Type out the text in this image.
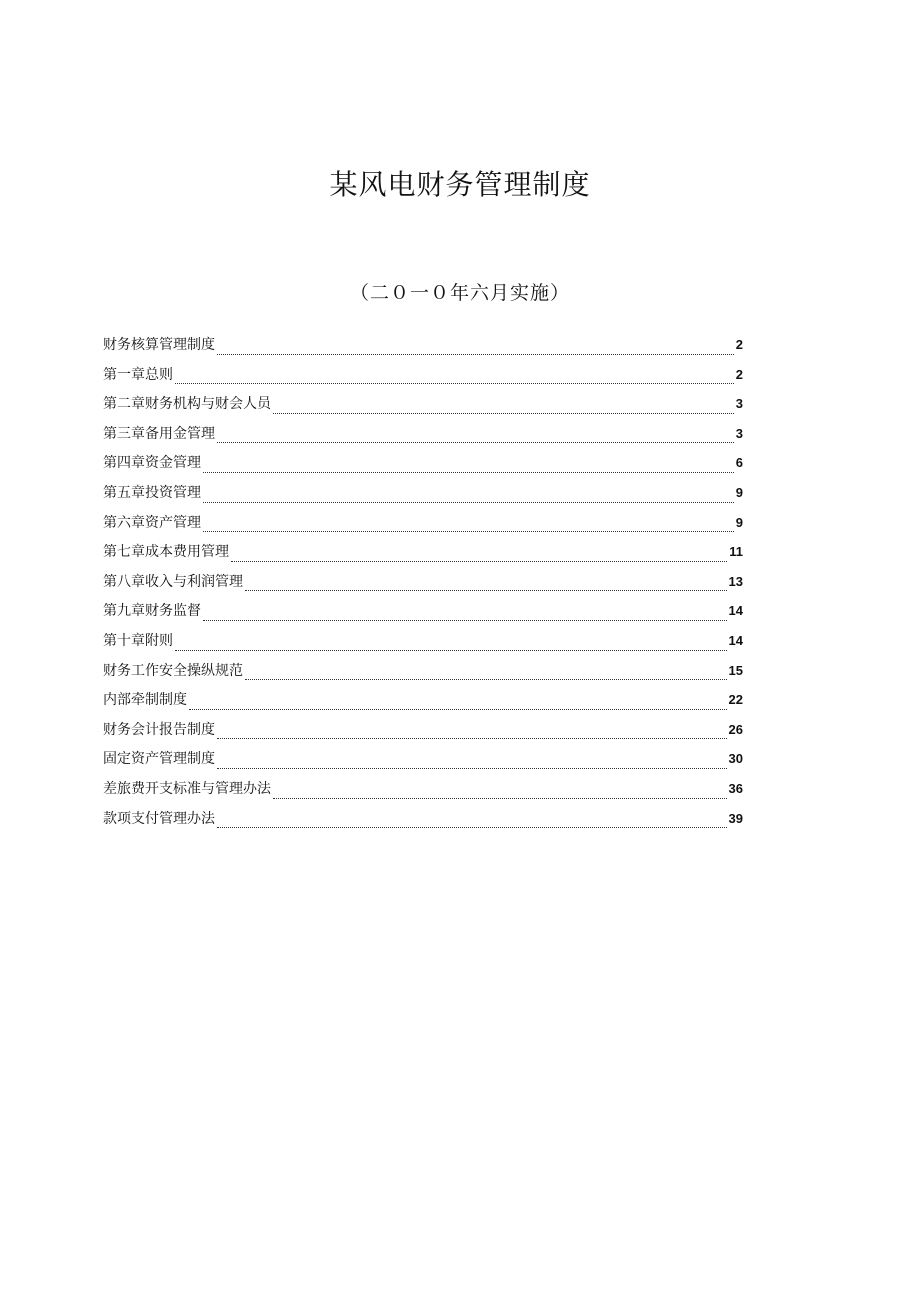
某风电财务管理制度
（二０一０年六月实施）
财务核算管理制度	2
第一章总则	2
第二章财务机构与财会人员	3
第三章备用金管理	3
第四章资金管理	6
第五章投资管理	9
第六章资产管理	9
第七章成本费用管理	11
第八章收入与利润管理	13
第九章财务监督	14
第十章附则	14
财务工作安全操纵规范	15
内部牵制制度	22
财务会计报告制度	26
固定资产管理制度	30
差旅费开支标准与管理办法	36
款项支付管理办法	39
